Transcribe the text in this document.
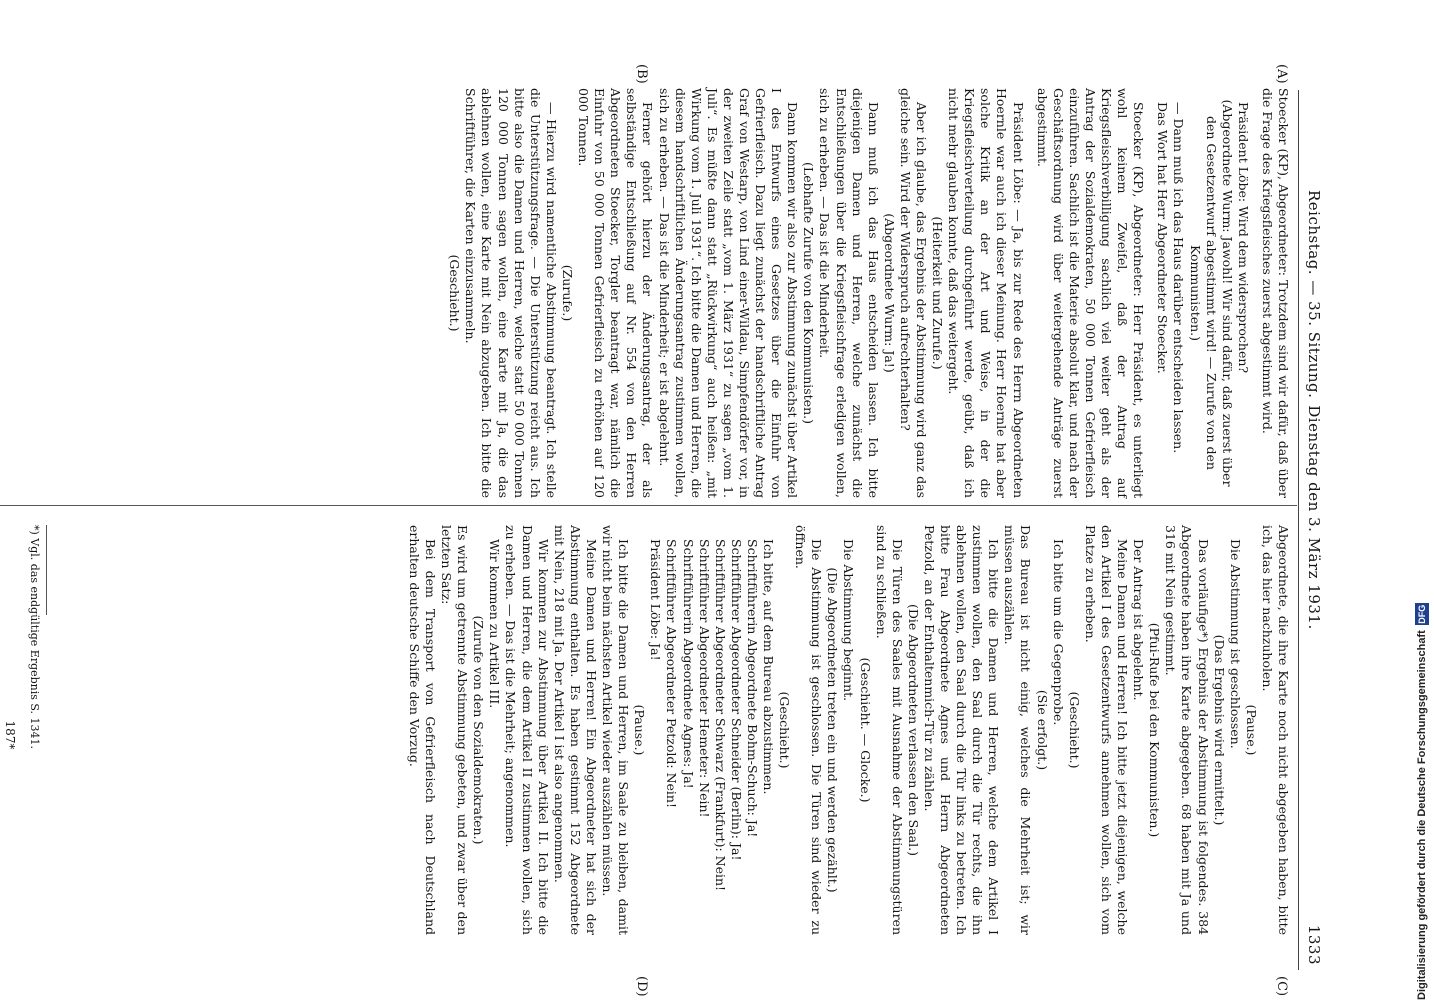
Reichstag. — 35. Sitzung.
Dienstag den 3. März 1931.
1333
(A)
(B)
(C)
(D)

Stoecker (KP), Abgeordneter: Trotzdem sind wir dafür, daß über die Frage des Kriegsfleisches zuerst abgestimmt wird.

Präsident Löbe: Wird dem widersprochen?

(Abgeordnete Wurm: Jawohl! Wir sind dafür, daß zuerst über den Gesetzentwurf abgestimmt wird! — Zurufe von den Kommunisten.)

— Dann muß ich das Haus darüber entscheiden lassen.

Das Wort hat Herr Abgeordneter Stoecker.

Stoecker (KP), Abgeordneter: Herr Präsident, es unterliegt wohl keinem Zweifel, daß der Antrag auf Kriegsfleischverbilligung sachlich viel weiter geht als der Antrag der Sozialdemokraten, 50 000 Tonnen Gefrierfleisch einzuführen. Sachlich ist die Materie absolut klar, und nach der Geschäftsordnung wird über weitergehende Anträge zuerst abgestimmt.

Präsident Löbe: — Ja, bis zur Rede des Herrn Abgeordneten Hoernle war auch ich dieser Meinung. Herr Hoernle hat aber solche Kritik an der Art und Weise, in der die Kriegsfleischverteilung durchgeführt werde, geübt, daß ich nicht mehr glauben konnte, daß das weitergeht.

(Heiterkeit und Zurufe.)

Aber ich glaube, das Ergebnis der Abstimmung wird ganz das gleiche sein. Wird der Widerspruch aufrechterhalten?

(Abgeordnete Wurm: Ja!)

Dann muß ich das Haus entscheiden lassen. Ich bitte diejenigen Damen und Herren, welche zunächst die Entschließungen über die Kriegsfleischfrage erledigen wollen, sich zu erheben. — Das ist die Minderheit.

(Lebhafte Zurufe von den Kommunisten.)

Dann kommen wir also zur Abstimmung zunächst über Artikel I des Entwurfs eines Gesetzes über die Einfuhr von Gefrierfleisch. Dazu liegt zunächst der handschriftliche Antrag Graf von Westarp, von Lind einer-Wildau, Simpfendörfer vor, in der zweiten Zeile statt „vom 1. März 1931“ zu sagen „vom 1. Juli“. Es müßte dann statt „Rückwirkung“ auch heißen: „mit Wirkung vom 1. Juli 1931“. Ich bitte die Damen und Herren, die diesem handschriftlichen Änderungsantrag zustimmen wollen, sich zu erheben. — Das ist die Minderheit; er ist abgelehnt.

Ferner gehört hierzu der Änderungsantrag, der als selbständige Entschließung auf Nr. 554 von den Herren Abgeordneten Stoecker, Torgler beantragt war, nämlich die Einfuhr von 50 000 Tonnen Gefrierfleisch zu erhöhen auf 120 000 Tonnen.

(Zurufe.)

— Hierzu wird namentliche Abstimmung beantragt. Ich stelle die Unterstützungsfrage. — Die Unterstützung reicht aus. Ich bitte also die Damen und Herren, welche statt 50 000 Tonnen 120 000 Tonnen sagen wollen, eine Karte mit Ja, die das ablehnen wollen, eine Karte mit Nein abzugeben. Ich bitte die Schriftführer, die Karten einzusammeln.

(Geschieht.)

Abgeordnete, die ihre Karte noch nicht abgegeben haben, bitte ich, das hier nachzuholen.

(Pause.)

Die Abstimmung ist geschlossen.

(Das Ergebnis wird ermittelt.)

Das vorläufige*) Ergebnis der Abstimmung ist folgendes. 384 Abgeordnete haben ihre Karte abgegeben. 68 haben mit Ja und 316 mit Nein gestimmt.

(Pfui-Rufe bei den Kommunisten.)

Der Antrag ist abgelehnt.

Meine Damen und Herren! Ich bitte jetzt diejenigen, welche den Artikel I des Gesetzentwurfs annehmen wollen, sich vom Platze zu erheben.

(Geschieht.)

Ich bitte um die Gegenprobe.

(Sie erfolgt.)

Das Bureau ist nicht einig, welches die Mehrheit ist; wir müssen auszählen.

Ich bitte die Damen und Herren, welche dem Artikel I zustimmen wollen, den Saal durch die Tür rechts, die ihn ablehnen wollen, den Saal durch die Tür links zu betreten. Ich bitte Frau Abgeordnete Agnes und Herrn Abgeordneten Petzold, an der Enthaltenmich-Tür zu zählen.

(Die Abgeordneten verlassen den Saal.)

Die Türen des Saales mit Ausnahme der Abstimmungstüren sind zu schließen.

(Geschieht. — Glocke.)

Die Abstimmung beginnt.

(Die Abgeordneten treten ein und werden gezählt.)

Die Abstimmung ist geschlossen. Die Türen sind wieder zu öffnen.

(Geschieht.)

Ich bitte, auf dem Bureau abzustimmen.

Schriftführerin Abgeordnete Bohm-Schuch: Ja!

Schriftführer Abgeordneter Schneider (Berlin): Ja!

Schriftführer Abgeordneter Schwarz (Frankfurt): Nein!

Schriftführer Abgeordneter Hemeter: Nein!

Schriftführerin Abgeordnete Agnes: Ja!

Schriftführer Abgeordneter Petzold: Nein!

Präsident Löbe: Ja!

(Pause.)

Ich bitte die Damen und Herren, im Saale zu bleiben, damit wir nicht beim nächsten Artikel wieder auszählen müssen.

Meine Damen und Herren! Ein Abgeordneter hat sich der Abstimmung enthalten. Es haben gestimmt 152 Abgeordnete mit Nein, 218 mit Ja. Der Artikel I ist also angenommen.

Wir kommen zur Abstimmung über Artikel II. Ich bitte die Damen und Herren, die dem Artikel II zustimmen wollen, sich zu erheben. — Das ist die Mehrheit; angenommen.

Wir kommen zu Artikel III.

(Zurufe von den Sozialdemokraten.)

Es wird um getrennte Abstimmung gebeten, und zwar über den letzten Satz:

Bei dem Transport von Gefrierfleisch nach Deutschland erhalten deutsche Schiffe den Vorzug.

*) Vgl. das endgültige Ergebnis S. 1341.
187*	Digitalisierung gefördert durch die Deutsche Forschungsgemeinschaft
DFG
